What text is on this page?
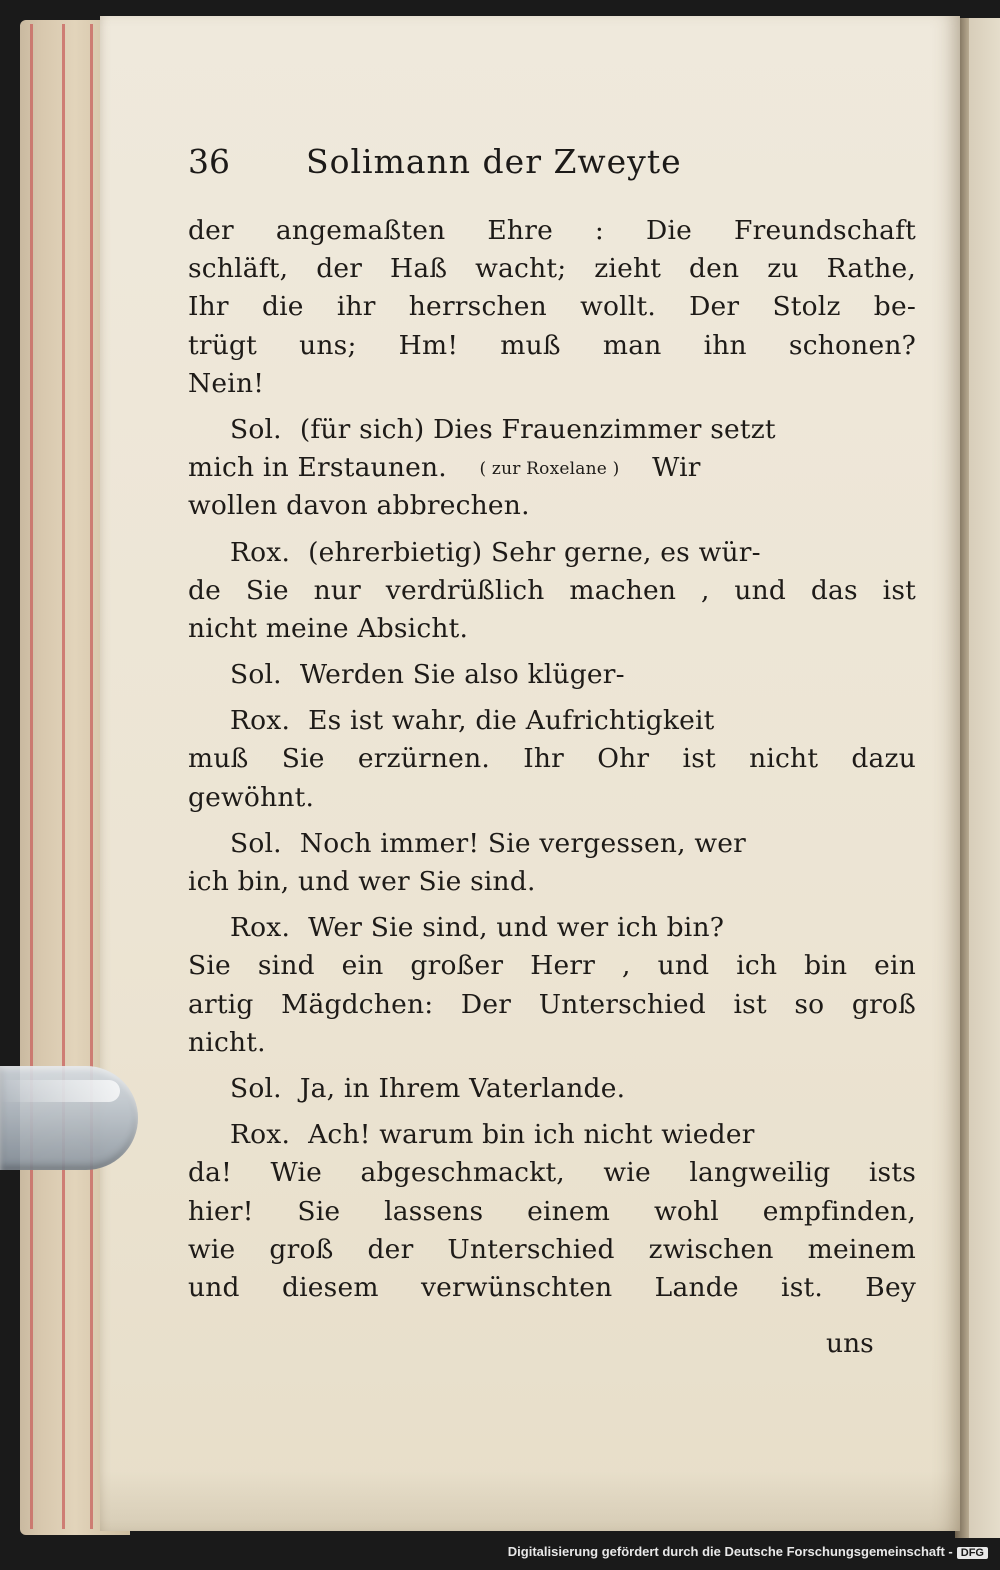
36 Solimann der Zweyte
der angemaßten Ehre : Die Freundschaft
schläft, der Haß wacht; zieht den zu Rathe,
Ihr die ihr herrschen wollt. Der Stolz be-
trügt uns; Hm! muß man ihn schonen?
Nein!
Sol. (für sich) Dies Frauenzimmer setzt
mich in Erstaunen. ( zur Roxelane ) Wir
wollen davon abbrechen.
Rox. (ehrerbietig) Sehr gerne, es wür-
de Sie nur verdrüßlich machen , und das ist
nicht meine Absicht.
Sol. Werden Sie also klüger-
Rox. Es ist wahr, die Aufrichtigkeit
muß Sie erzürnen. Ihr Ohr ist nicht dazu
gewöhnt.
Sol. Noch immer! Sie vergessen, wer
ich bin, und wer Sie sind.
Rox. Wer Sie sind, und wer ich bin?
Sie sind ein großer Herr , und ich bin ein
artig Mägdchen: Der Unterschied ist so groß
nicht.
Sol. Ja, in Ihrem Vaterlande.
Rox. Ach! warum bin ich nicht wieder
da! Wie abgeschmackt, wie langweilig ists
hier! Sie lassens einem wohl empfinden,
wie groß der Unterschied zwischen meinem
und diesem verwünschten Lande ist. Bey
uns
Digitalisierung gefördert durch die Deutsche Forschungsgemeinschaft - DFG
